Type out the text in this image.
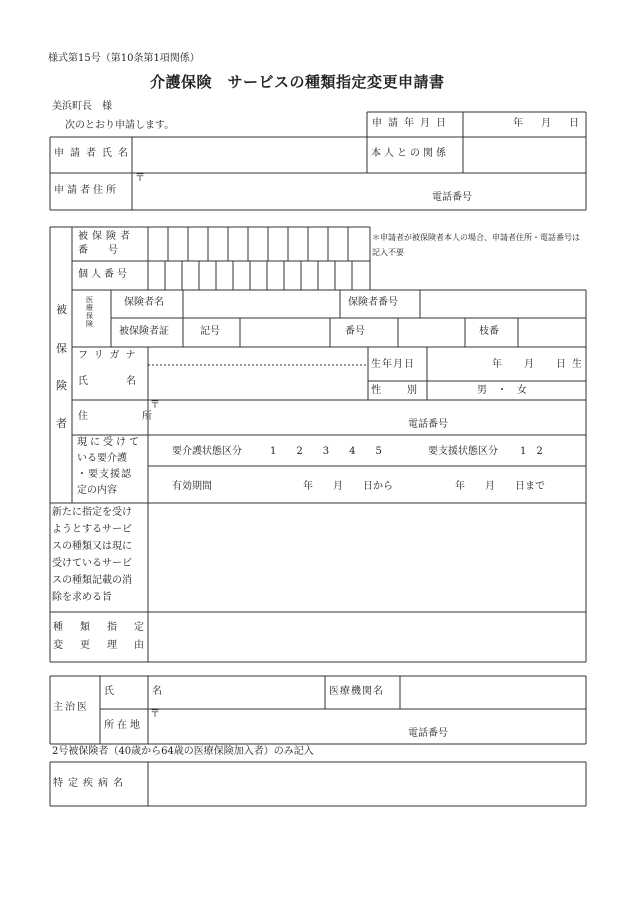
様式第15号（第10条第1項関係）
介護保険　サービスの種類指定変更申請書
美浜町長　様
次のとおり申請します。	申請年月日	年　月　日
申請者氏名	本人との関係
申請者住所
〒
電話番号
被
保
険
者
被保険者
番　　号
＊申請者が被保険者本人の場合、申請者住所・電話番号は記入不要
個人番号
医療保険
保険者名	保険者番号
被保険者証	記号	番号	枝番
フリガナ
氏　名
生年月日	年　月　日生
性　別	男　・　女
住　所
〒
電話番号
現に受けて
いる要介護
・要支援認
定の内容
要介護状態区分	1　　2　　3　　4　　5	要支援状態区分 1　2
有効期間	年　　月　　日から	年　　月　　日まで
新たに指定を受け
ようとするサービ
スの種類又は現に
受けているサービ
スの種類記載の消
除を求める旨
種類指定
変更理由
主治医
氏　名	医療機関名
所在地
〒
電話番号
2号被保険者（40歳から64歳の医療保険加入者）のみ記入
特定疾病名
